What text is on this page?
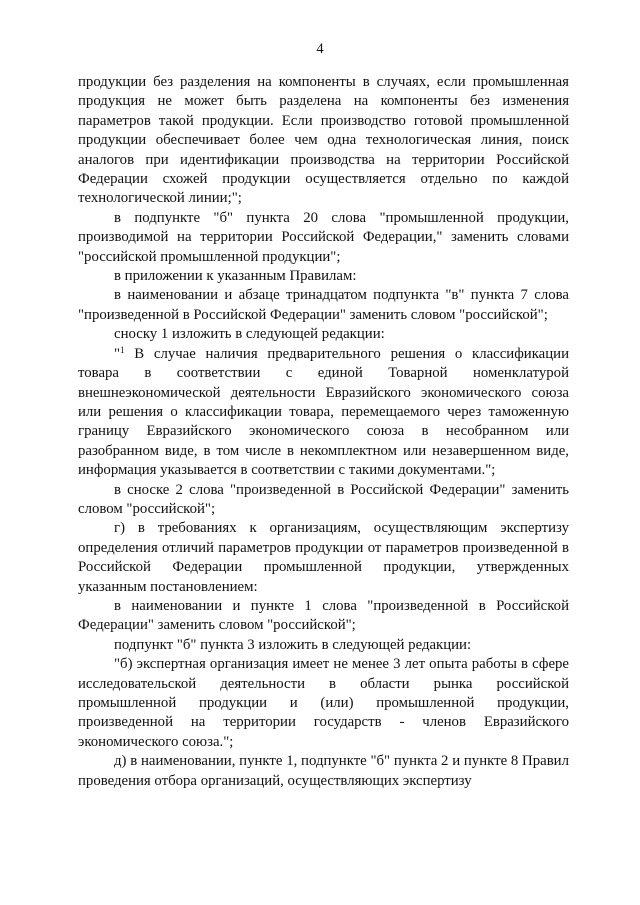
4

продукции без разделения на компоненты в случаях, если промышленная продукция не может быть разделена на компоненты без изменения параметров такой продукции. Если производство готовой промышленной продукции обеспечивает более чем одна технологическая линия, поиск аналогов при идентификации производства на территории Российской Федерации схожей продукции осуществляется отдельно по каждой технологической линии;";

в подпункте "б" пункта 20 слова "промышленной продукции, производимой на территории Российской Федерации," заменить словами "российской промышленной продукции";

в приложении к указанным Правилам:

в наименовании и абзаце тринадцатом подпункта "в" пункта 7 слова "произведенной в Российской Федерации" заменить словом "российской";

сноску 1 изложить в следующей редакции:

"$^1$ В случае наличия предварительного решения о классификации товара в соответствии с единой Товарной номенклатурой внешнеэкономической деятельности Евразийского экономического союза или решения о классификации товара, перемещаемого через таможенную границу Евразийского экономического союза в несобранном или разобранном виде, в том числе в некомплектном или незавершенном виде, информация указывается в соответствии с такими документами.";

в сноске 2 слова "произведенной в Российской Федерации" заменить словом "российской";

г) в требованиях к организациям, осуществляющим экспертизу определения отличий параметров продукции от параметров произведенной в Российской Федерации промышленной продукции, утвержденных указанным постановлением:

в наименовании и пункте 1 слова "произведенной в Российской Федерации" заменить словом "российской";

подпункт "б" пункта 3 изложить в следующей редакции:

"б) экспертная организация имеет не менее 3 лет опыта работы в сфере исследовательской деятельности в области рынка российской промышленной продукции и (или) промышленной продукции, произведенной на территории государств - членов Евразийского экономического союза.";

д) в наименовании, пункте 1, подпункте "б" пункта 2 и пункте 8 Правил проведения отбора организаций, осуществляющих экспертизу
